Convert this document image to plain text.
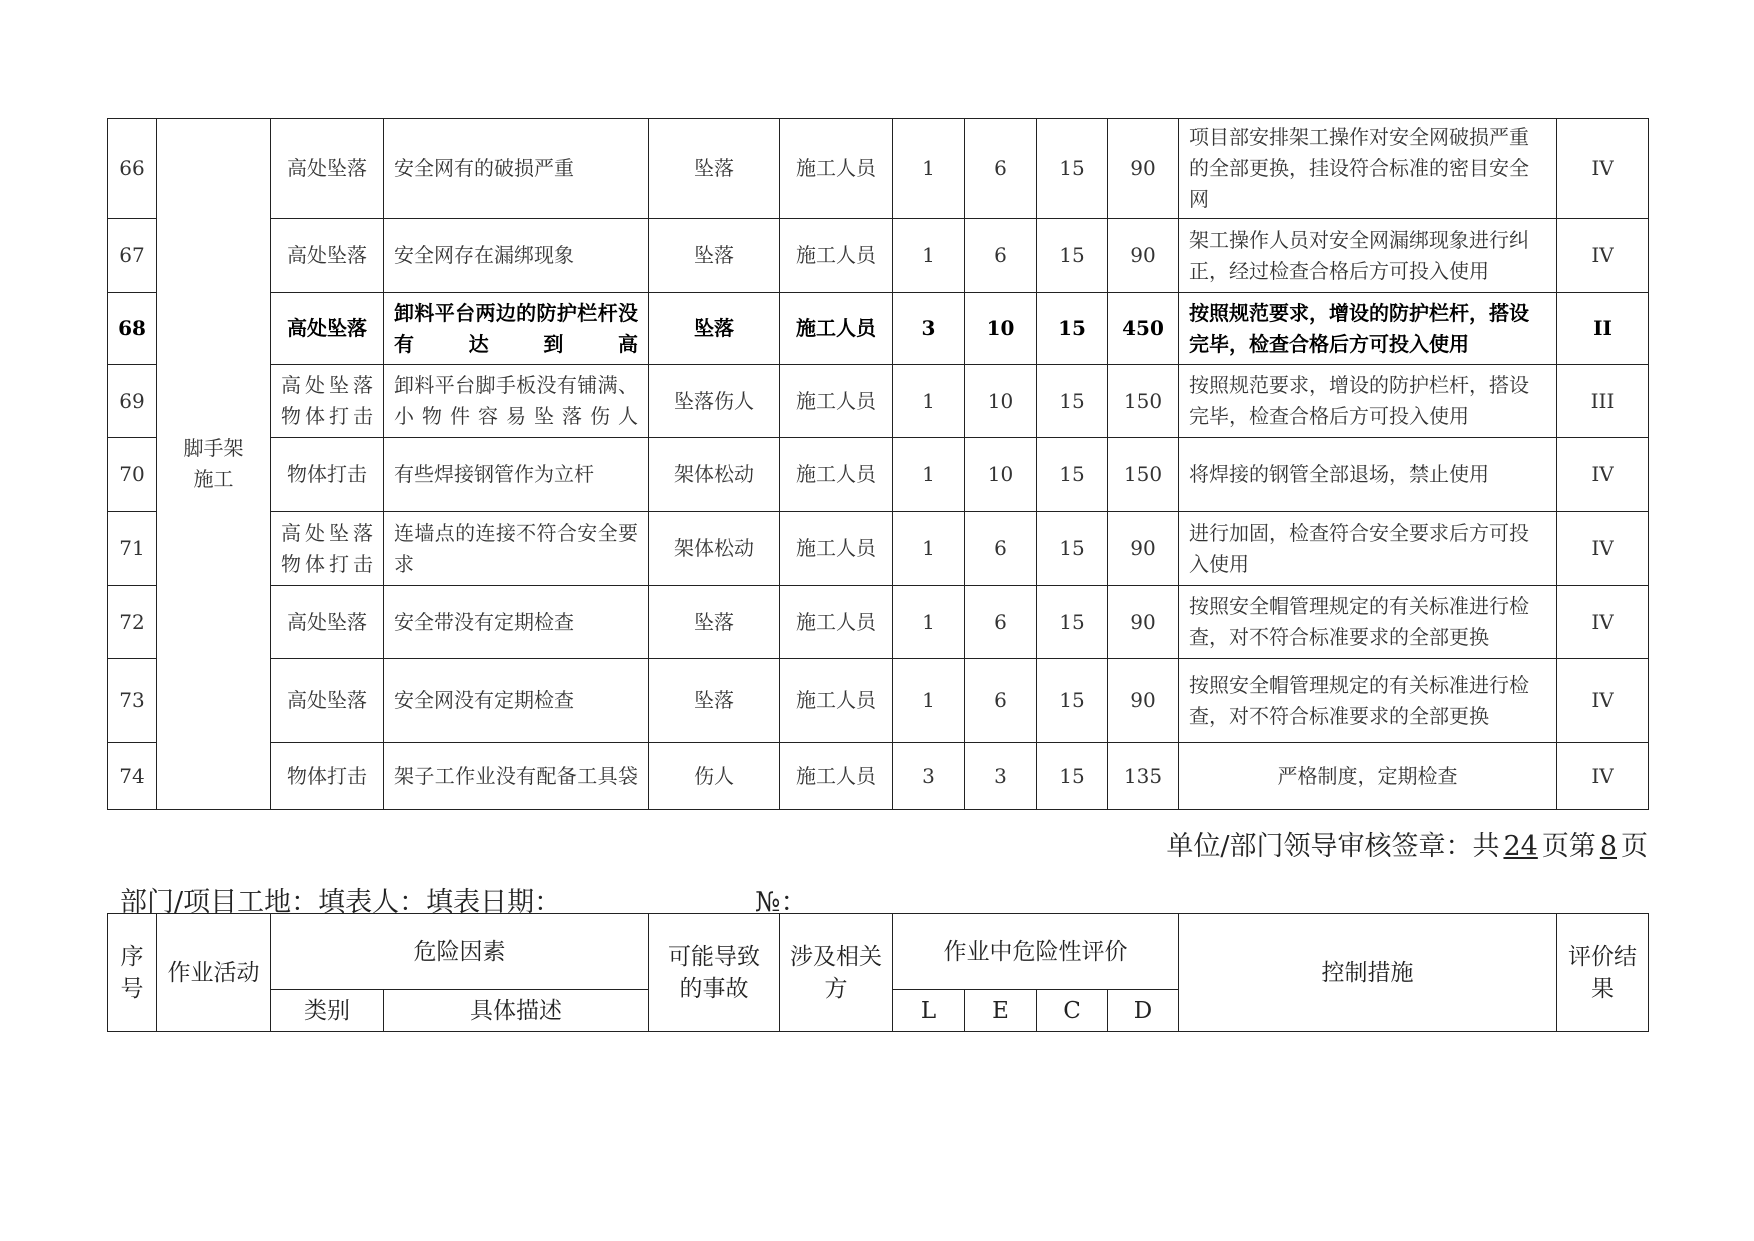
66	脚手架施工	高处坠落	安全网有的破损严重	坠落	施工人员	1	6	15	90	项目部安排架工操作对安全网破损严重的全部更换，挂设符合标准的密目安全网	IV
67		高处坠落	安全网存在漏绑现象	坠落	施工人员	1	6	15	90	架工操作人员对安全网漏绑现象进行纠正，经过检查合格后方可投入使用	IV
68		高处坠落	卸料平台两边的防护栏杆没有达到高	坠落	施工人员	3	10	15	450	按照规范要求，增设的防护栏杆，搭设完毕，检查合格后方可投入使用	II
69		高处坠落物体打击	卸料平台脚手板没有铺满、小物件容易坠落伤人	坠落伤人	施工人员	1	10	15	150	按照规范要求，增设的防护栏杆，搭设完毕，检查合格后方可投入使用	III
70		物体打击	有些焊接钢管作为立杆	架体松动	施工人员	1	10	15	150	将焊接的钢管全部退场，禁止使用	IV
71		高处坠落物体打击	连墙点的连接不符合安全要求	架体松动	施工人员	1	6	15	90	进行加固，检查符合安全要求后方可投入使用	IV
72		高处坠落	安全带没有定期检查	坠落	施工人员	1	6	15	90	按照安全帽管理规定的有关标准进行检查，对不符合标准要求的全部更换	IV
73		高处坠落	安全网没有定期检查	坠落	施工人员	1	6	15	90	按照安全帽管理规定的有关标准进行检查，对不符合标准要求的全部更换	IV
74		物体打击	架子工作业没有配备工具袋	伤人	施工人员	3	3	15	135	严格制度，定期检查	IV
单位/部门领导审核签章：共 24 页第 8 页
部门/项目工地：填表人：填表日期：	№：
序号	作业活动	危险因素		可能导致的事故	涉及相关方	作业中危险性评价				控制措施	评价结果
		类别	具体描述			L	E	C	D		
